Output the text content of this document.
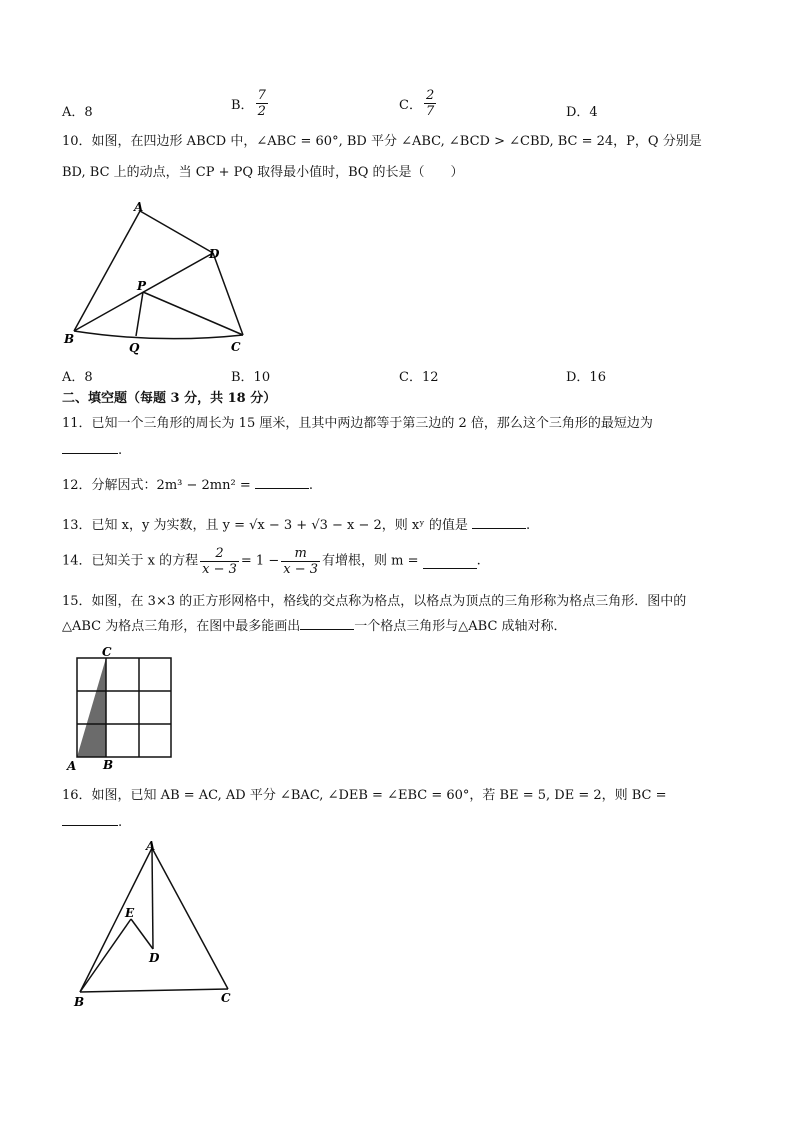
A．8	B． $\frac{7}{2}$	C． $\frac{2}{7}$	D．4
10．如图，在四边形 ABCD 中，∠ABC = 60°, BD 平分 ∠ABC, ∠BCD > ∠CBD, BC = 24，P，Q 分别是
BD, BC 上的动点，当 CP + PQ 取得最小值时，BQ 的长是（　　）
A
D
P
B
Q	C
A．8	B．10	C．12	D．16
二、填空题（每题 3 分，共 18 分）
11．已知一个三角形的周长为 15 厘米，且其中两边都等于第三边的 2 倍，那么这个三角形的最短边为
.
12．分解因式：2m³ − 2mn² =	.
13．已知 x，y 为实数，且 y = √x − 3 + √3 − x − 2，则 xʸ 的值是	.
14．已知关于 x 的方程 $\frac{2}{x - 3} = 1 - \frac{m}{x - 3}$ 有增根，则 m =	.
15．如图，在 3×3 的正方形网格中，格线的交点称为格点，以格点为顶点的三角形称为格点三角形．图中的
△ABC 为格点三角形，在图中最多能画出	一个格点三角形与△ABC 成轴对称．
C
A B
16．如图，已知 AB = AC, AD 平分 ∠BAC, ∠DEB = ∠EBC = 60°，若 BE = 5, DE = 2，则 BC =
.
A
E
D
B	C
